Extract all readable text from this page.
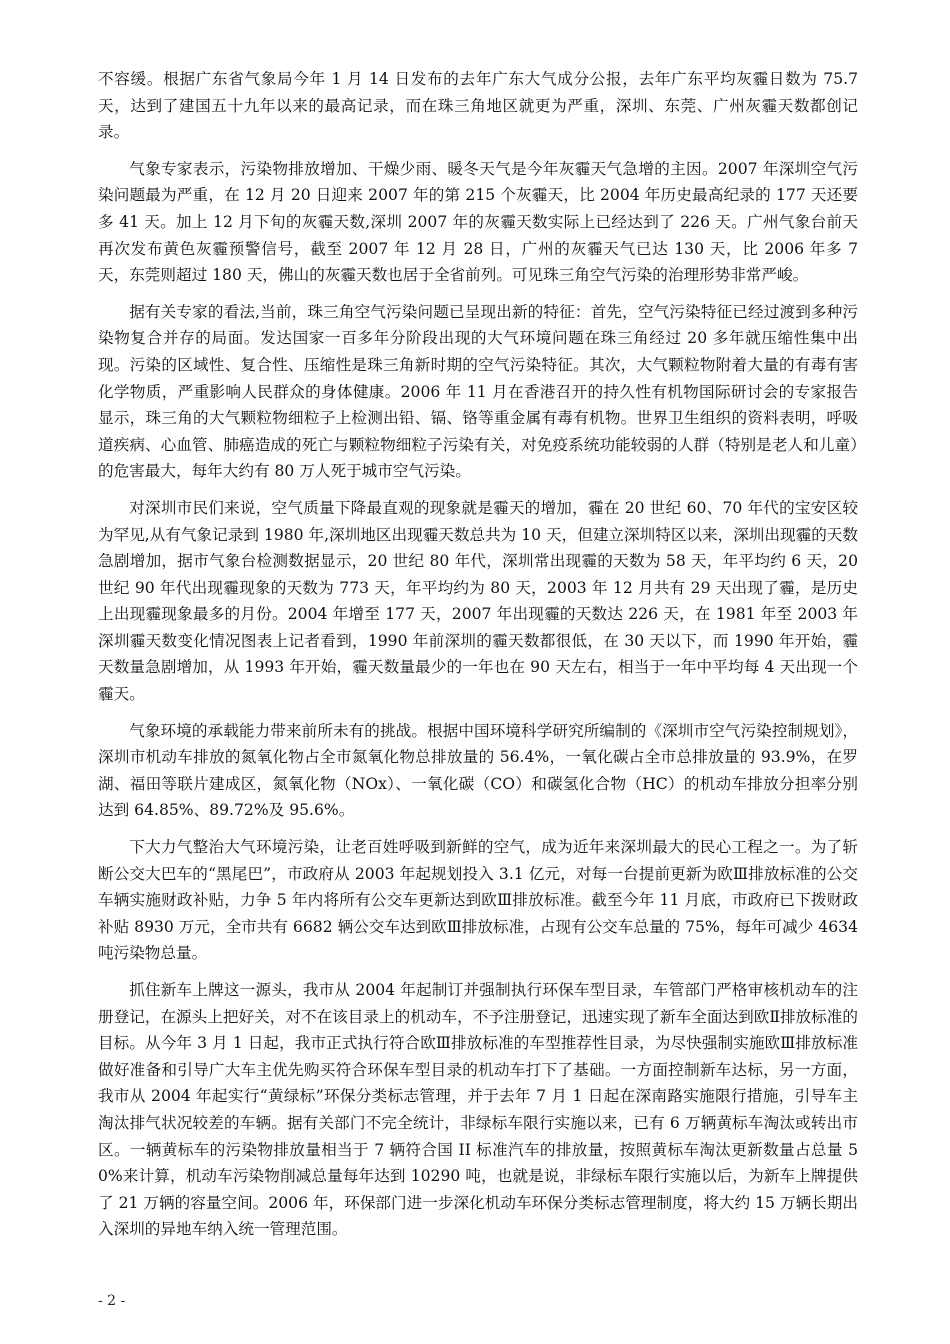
不容缓。根据广东省气象局今年 1 月 14 日发布的去年广东大气成分公报，去年广东平均灰霾日数为 75.7 天，达到了建国五十九年以来的最高记录，而在珠三角地区就更为严重，深圳、东莞、广州灰霾天数都创记录。

气象专家表示，污染物排放增加、干燥少雨、暖冬天气是今年灰霾天气急增的主因。2007 年深圳空气污染问题最为严重，在 12 月 20 日迎来 2007 年的第 215 个灰霾天，比 2004 年历史最高纪录的 177 天还要多 41 天。加上 12 月下旬的灰霾天数,深圳 2007 年的灰霾天数实际上已经达到了 226 天。广州气象台前天再次发布黄色灰霾预警信号，截至 2007 年 12 月 28 日，广州的灰霾天气已达 130 天，比 2006 年多 7 天，东莞则超过 180 天，佛山的灰霾天数也居于全省前列。可见珠三角空气污染的治理形势非常严峻。

据有关专家的看法,当前，珠三角空气污染问题已呈现出新的特征：首先，空气污染特征已经过渡到多种污染物复合并存的局面。发达国家一百多年分阶段出现的大气环境问题在珠三角经过 20 多年就压缩性集中出现。污染的区域性、复合性、压缩性是珠三角新时期的空气污染特征。其次，大气颗粒物附着大量的有毒有害化学物质，严重影响人民群众的身体健康。2006 年 11 月在香港召开的持久性有机物国际研讨会的专家报告显示，珠三角的大气颗粒物细粒子上检测出铅、镉、铬等重金属有毒有机物。世界卫生组织的资料表明，呼吸道疾病、心血管、肺癌造成的死亡与颗粒物细粒子污染有关，对免疫系统功能较弱的人群（特别是老人和儿童）的危害最大，每年大约有 80 万人死于城市空气污染。

对深圳市民们来说，空气质量下降最直观的现象就是霾天的增加，霾在 20 世纪 60、70 年代的宝安区较为罕见,从有气象记录到 1980 年,深圳地区出现霾天数总共为 10 天，但建立深圳特区以来，深圳出现霾的天数急剧增加，据市气象台检测数据显示，20 世纪 80 年代，深圳常出现霾的天数为 58 天，年平均约 6 天，20 世纪 90 年代出现霾现象的天数为 773 天，年平均约为 80 天，2003 年 12 月共有 29 天出现了霾，是历史上出现霾现象最多的月份。2004 年增至 177 天，2007 年出现霾的天数达 226 天，在 1981 年至 2003 年深圳霾天数变化情况图表上记者看到，1990 年前深圳的霾天数都很低，在 30 天以下，而 1990 年开始，霾天数量急剧增加，从 1993 年开始，霾天数量最少的一年也在 90 天左右，相当于一年中平均每 4 天出现一个霾天。

气象环境的承载能力带来前所未有的挑战。根据中国环境科学研究所编制的《深圳市空气污染控制规划》，深圳市机动车排放的氮氧化物占全市氮氧化物总排放量的 56.4%，一氧化碳占全市总排放量的 93.9%，在罗湖、福田等联片建成区，氮氧化物（NOx）、一氧化碳（CO）和碳氢化合物（HC）的机动车排放分担率分别达到 64.85%、89.72%及 95.6%。

下大力气整治大气环境污染，让老百姓呼吸到新鲜的空气，成为近年来深圳最大的民心工程之一。为了斩断公交大巴车的“黑尾巴”，市政府从 2003 年起规划投入 3.1 亿元，对每一台提前更新为欧Ⅲ排放标准的公交车辆实施财政补贴，力争 5 年内将所有公交车更新达到欧Ⅲ排放标准。截至今年 11 月底，市政府已下拨财政补贴 8930 万元，全市共有 6682 辆公交车达到欧Ⅲ排放标准，占现有公交车总量的 75%，每年可减少 4634 吨污染物总量。

抓住新车上牌这一源头，我市从 2004 年起制订并强制执行环保车型目录，车管部门严格审核机动车的注册登记，在源头上把好关，对不在该目录上的机动车，不予注册登记，迅速实现了新车全面达到欧Ⅱ排放标准的目标。从今年 3 月 1 日起，我市正式执行符合欧Ⅲ排放标准的车型推荐性目录，为尽快强制实施欧Ⅲ排放标准做好准备和引导广大车主优先购买符合环保车型目录的机动车打下了基础。一方面控制新车达标，另一方面，我市从 2004 年起实行“黄绿标”环保分类标志管理，并于去年 7 月 1 日起在深南路实施限行措施，引导车主淘汰排气状况较差的车辆。据有关部门不完全统计，非绿标车限行实施以来，已有 6 万辆黄标车淘汰或转出市区。一辆黄标车的污染物排放量相当于 7 辆符合国 II 标准汽车的排放量，按照黄标车淘汰更新数量占总量 50%来计算，机动车污染物削减总量每年达到 10290 吨，也就是说，非绿标车限行实施以后，为新车上牌提供了 21 万辆的容量空间。2006 年，环保部门进一步深化机动车环保分类标志管理制度，将大约 15 万辆长期出入深圳的异地车纳入统一管理范围。

- 2 -
